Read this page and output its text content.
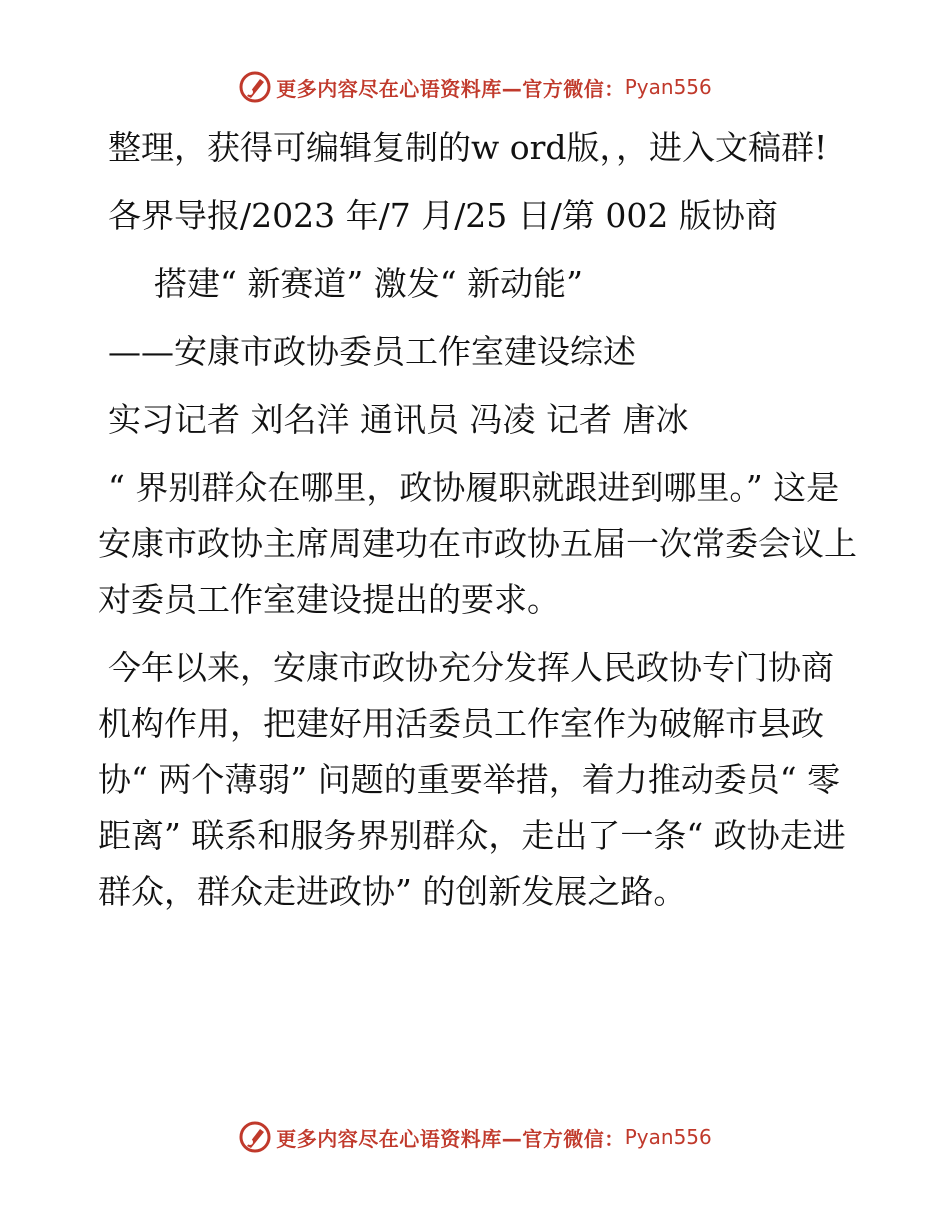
更多内容尽在心语资料库—官方微信： Pyan556

整理，获得可编辑复制的w ord版，，进入文稿群!

各界导报/2023 年/7 月/25 日/第 002 版协商

搭建“ 新赛道” 激发“ 新动能”

——安康市政协委员工作室建设综述

实习记者 刘名洋 通讯员 冯凌 记者 唐冰

“ 界别群众在哪里，政协履职就跟进到哪里。” 这是安康市政协主席周建功在市政协五届一次常委会议上对委员工作室建设提出的要求。

今年以来，安康市政协充分发挥人民政协专门协商机构作用，把建好用活委员工作室作为破解市县政协“ 两个薄弱” 问题的重要举措，着力推动委员“ 零距离” 联系和服务界别群众，走出了一条“ 政协走进群众，群众走进政协” 的创新发展之路。

更多内容尽在心语资料库—官方微信： Pyan556
